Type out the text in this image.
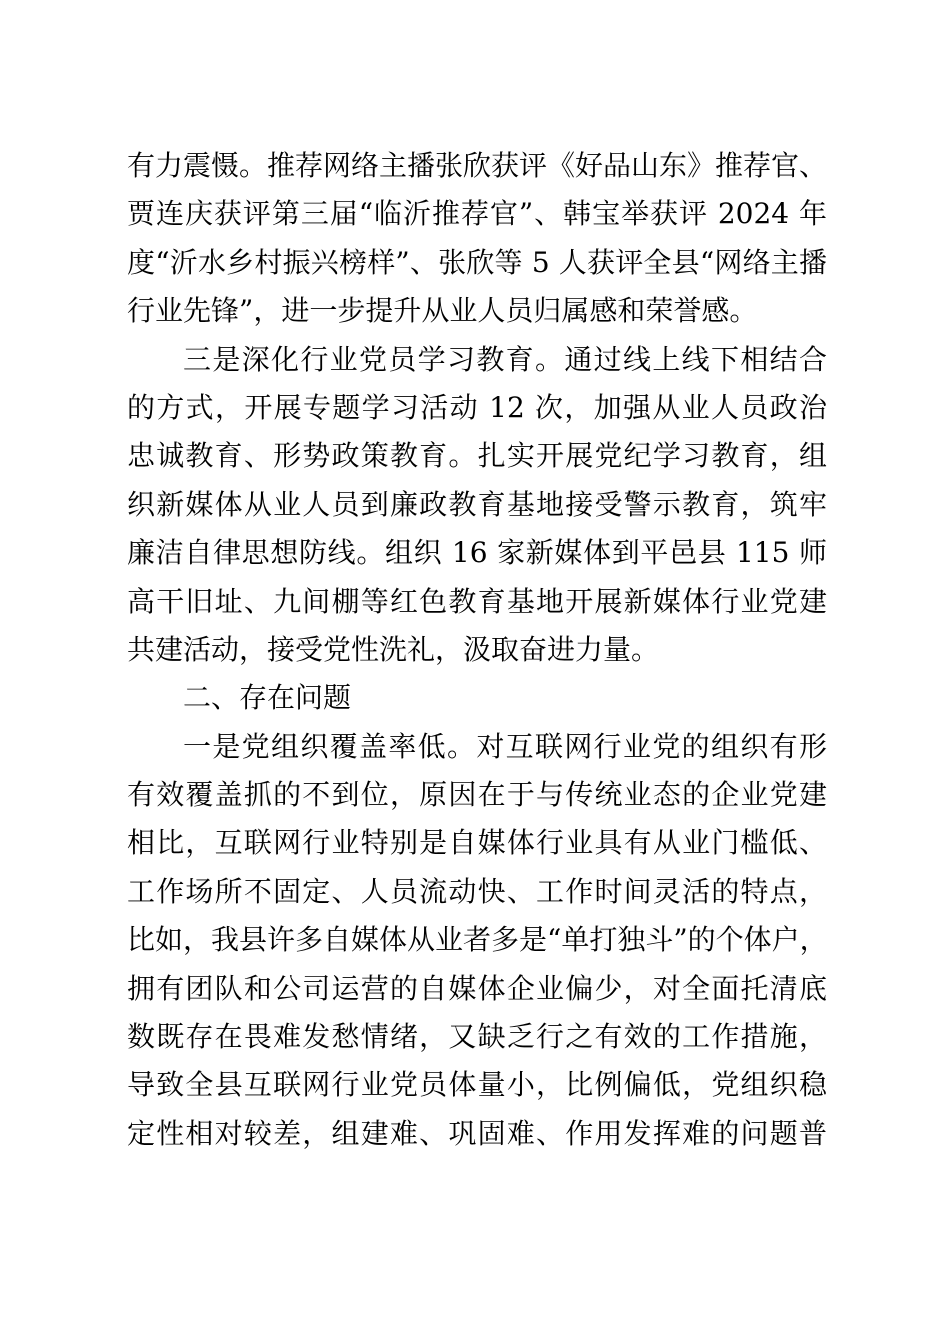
有力震慑。推荐网络主播张欣获评《好品山东》推荐官、
贾连庆获评第三届“临沂推荐官”、韩宝举获评 2024 年
度“沂水乡村振兴榜样”、张欣等 5 人获评全县“网络主播
行业先锋”，进一步提升从业人员归属感和荣誉感。
三是深化行业党员学习教育。通过线上线下相结合
的方式，开展专题学习活动 12 次，加强从业人员政治
忠诚教育、形势政策教育。扎实开展党纪学习教育，组
织新媒体从业人员到廉政教育基地接受警示教育，筑牢
廉洁自律思想防线。组织 16 家新媒体到平邑县 115 师
高干旧址、九间棚等红色教育基地开展新媒体行业党建
共建活动，接受党性洗礼，汲取奋进力量。
二、存在问题
一是党组织覆盖率低。对互联网行业党的组织有形
有效覆盖抓的不到位，原因在于与传统业态的企业党建
相比，互联网行业特别是自媒体行业具有从业门槛低、
工作场所不固定、人员流动快、工作时间灵活的特点，
比如，我县许多自媒体从业者多是“单打独斗”的个体户，
拥有团队和公司运营的自媒体企业偏少，对全面托清底
数既存在畏难发愁情绪，又缺乏行之有效的工作措施，
导致全县互联网行业党员体量小，比例偏低，党组织稳
定性相对较差，组建难、巩固难、作用发挥难的问题普
